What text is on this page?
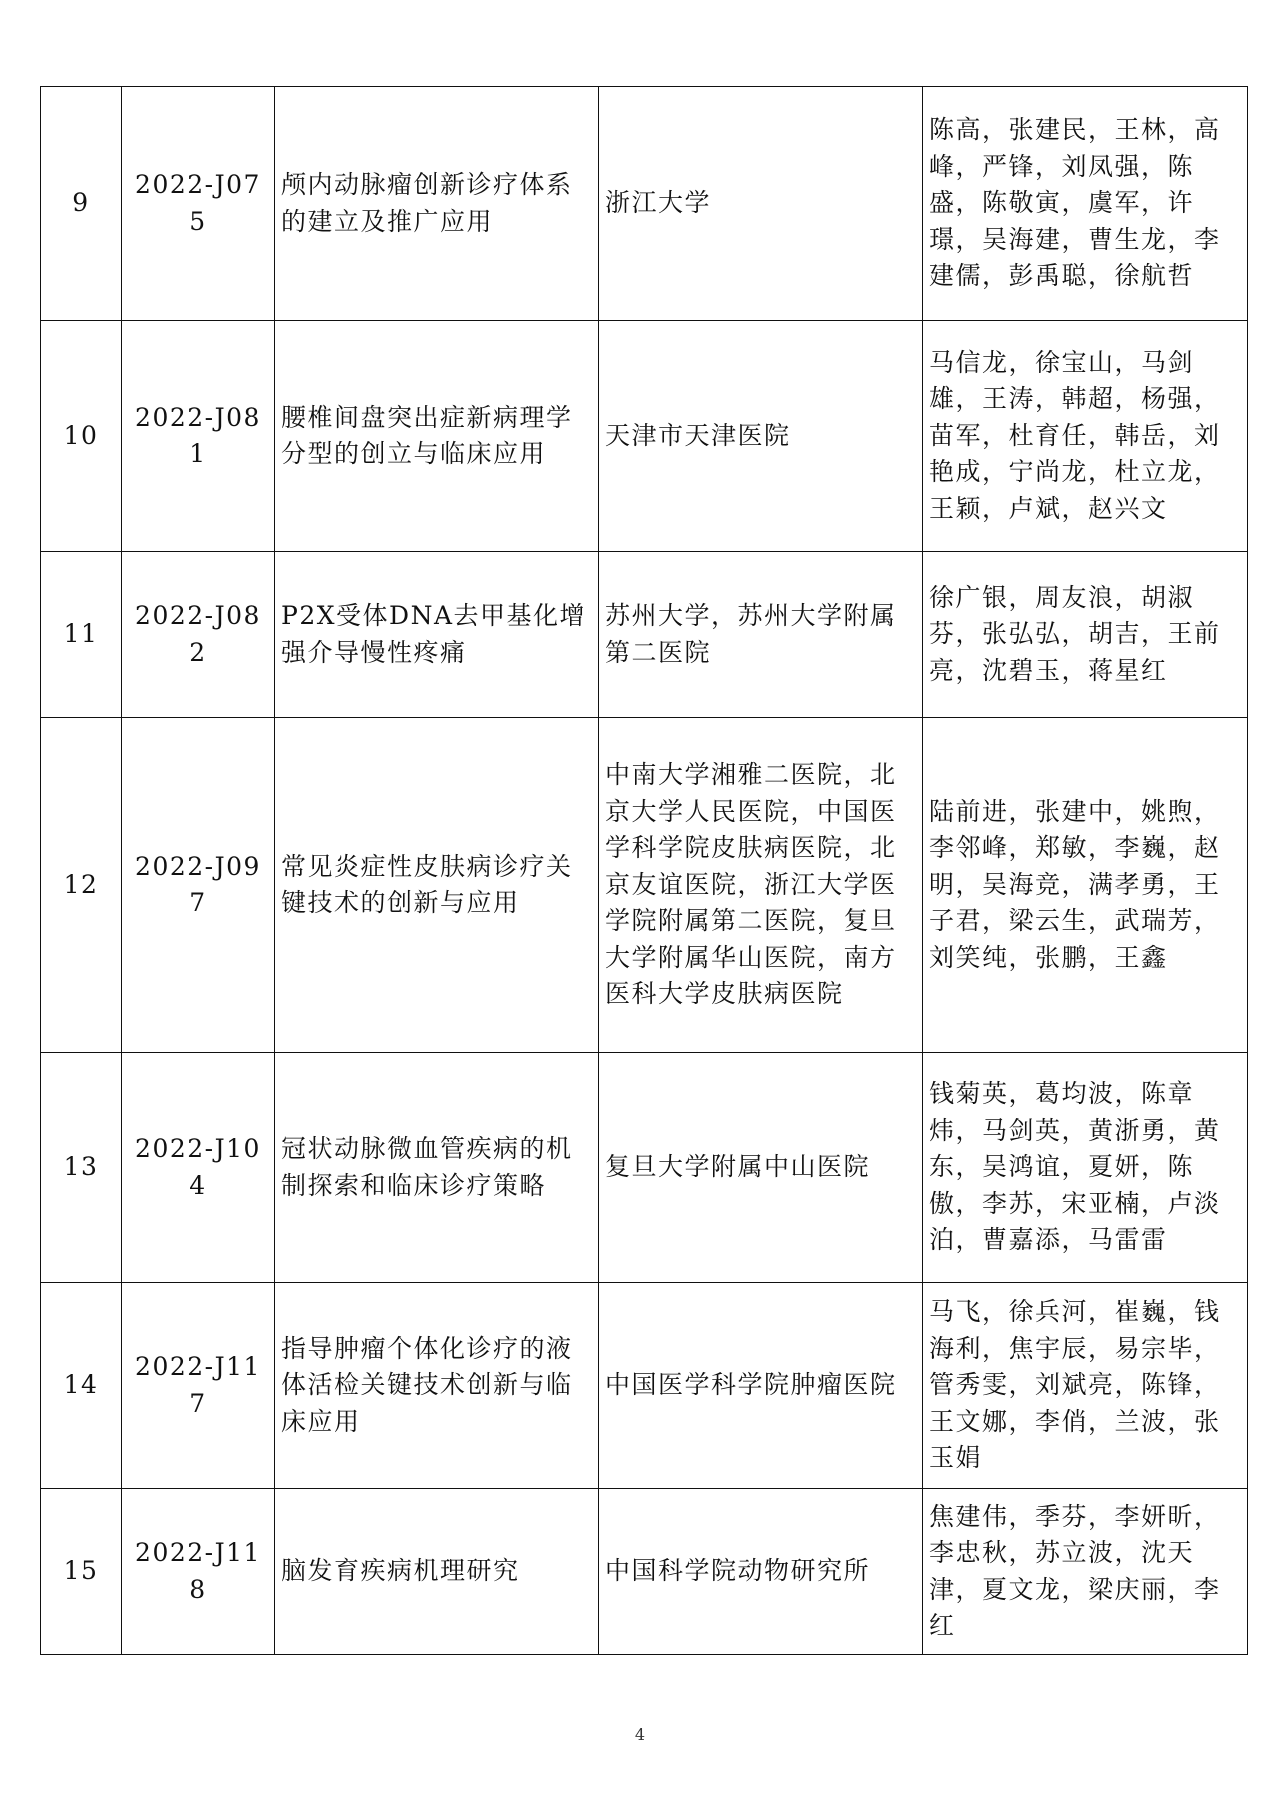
9	2022-J075	颅内动脉瘤创新诊疗体系的建立及推广应用	浙江大学	陈高，张建民，王林，高峰，严锋，刘凤强，陈盛，陈敬寅，虞军，许璟，吴海建，曹生龙，李建儒，彭禹聪，徐航哲
10	2022-J081	腰椎间盘突出症新病理学分型的创立与临床应用	天津市天津医院	马信龙，徐宝山，马剑雄，王涛，韩超，杨强，苗军，杜育任，韩岳，刘艳成，宁尚龙，杜立龙，王颖，卢斌，赵兴文
11	2022-J082	P2X受体DNA去甲基化增强介导慢性疼痛	苏州大学，苏州大学附属第二医院	徐广银，周友浪，胡淑芬，张弘弘，胡吉，王前亮，沈碧玉，蒋星红
12	2022-J097	常见炎症性皮肤病诊疗关键技术的创新与应用	中南大学湘雅二医院，北京大学人民医院，中国医学科学院皮肤病医院，北京友谊医院，浙江大学医学院附属第二医院，复旦大学附属华山医院，南方医科大学皮肤病医院	陆前进，张建中，姚煦，李邻峰，郑敏，李巍，赵明，吴海竞，满孝勇，王子君，梁云生，武瑞芳，刘笑纯，张鹏，王鑫
13	2022-J104	冠状动脉微血管疾病的机制探索和临床诊疗策略	复旦大学附属中山医院	钱菊英，葛均波，陈章炜，马剑英，黄浙勇，黄东，吴鸿谊，夏妍，陈傲，李苏，宋亚楠，卢淡泊，曹嘉添，马雷雷
14	2022-J117	指导肿瘤个体化诊疗的液体活检关键技术创新与临床应用	中国医学科学院肿瘤医院	马飞，徐兵河，崔巍，钱海利，焦宇辰，易宗毕，管秀雯，刘斌亮，陈锋，王文娜，李俏，兰波，张玉娟
15	2022-J118	脑发育疾病机理研究	中国科学院动物研究所	焦建伟，季芬，李妍昕，李忠秋，苏立波，沈天津，夏文龙，梁庆丽，李红
4
